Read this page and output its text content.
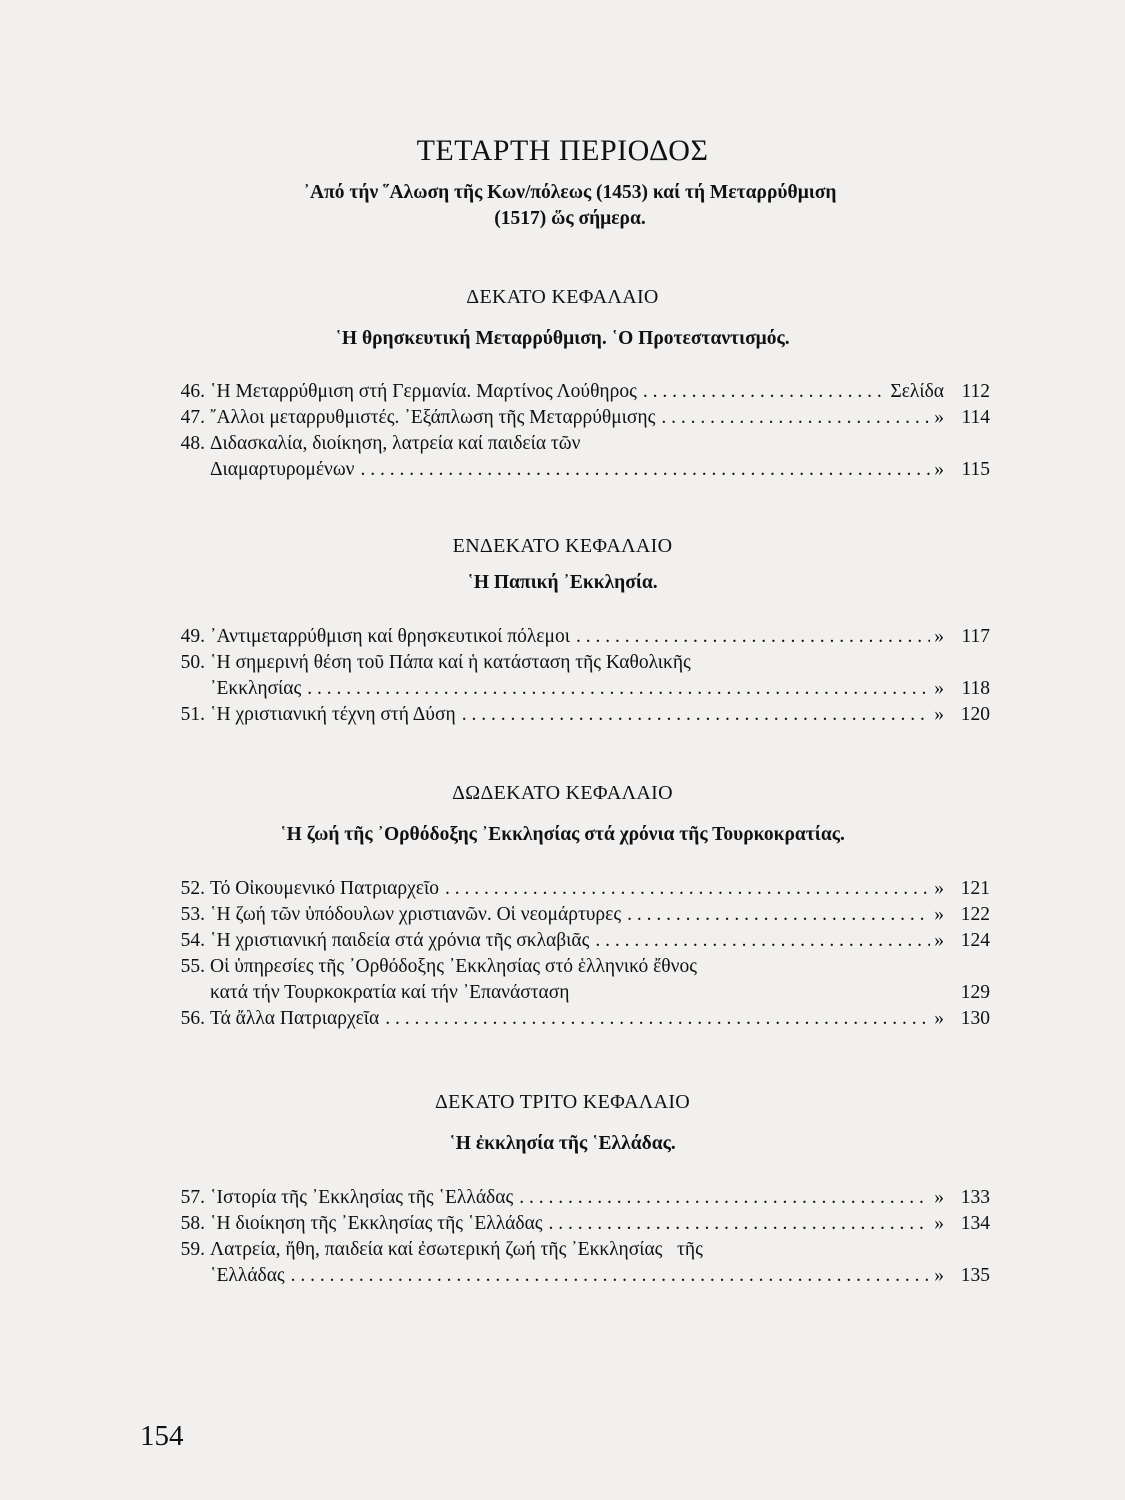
ΤΕΤΑΡΤΗ ΠΕΡΙΟΔΟΣ
᾿Από τήν ῞Αλωση τῆς Κων/πόλεως (1453) καί τή Μεταρρύθμιση
(1517) ὥς σήμερα.
ΔΕΚΑΤΟ ΚΕΦΑΛΑΙΟ
῾Η θρησκευτική Μεταρρύθμιση. ῾Ο Προτεσταντισμός.
46. ῾Η Μεταρρύθμιση στή Γερμανία. Μαρτίνος Λούθηρος . . .	Σελίδα 112
47. ῎Αλλοι μεταρρυθμιστές. ᾿Εξάπλωση τῆς Μεταρρύθμισης . . .	» 114
48. Διδασκαλία, διοίκηση, λατρεία καί παιδεία τῶν
Διαμαρτυρομένων . . .	» 115
ΕΝΔΕΚΑΤΟ ΚΕΦΑΛΑΙΟ
῾Η Παπική ᾿Εκκλησία.
49. ᾿Αντιμεταρρύθμιση καί θρησκευτικοί πόλεμοι . . .	» 117
50. ῾Η σημερινή θέση τοῦ Πάπα καί ἡ κατάσταση τῆς Καθολικῆς
᾿Εκκλησίας . . .	» 118
51. ῾Η χριστιανική τέχνη στή Δύση . . .	» 120
ΔΩΔΕΚΑΤΟ ΚΕΦΑΛΑΙΟ
῾Η ζωή τῆς ᾿Ορθόδοξης ᾿Εκκλησίας στά χρόνια τῆς Τουρκοκρατίας.
52. Τό Οἰκουμενικό Πατριαρχεῖο . . .	» 121
53. ῾Η ζωή τῶν ὑπόδουλων χριστιανῶν. Οἱ νεομάρτυρες . . .	» 122
54. ῾Η χριστιανική παιδεία στά χρόνια τῆς σκλαβιᾶς . . .	» 124
55. Οἱ ὑπηρεσίες τῆς ᾿Ορθόδοξης ᾿Εκκλησίας στό ἑλληνικό ἔθνος
κατά τήν Τουρκοκρατία καί τήν ᾿Επανάσταση	129
56. Τά ἄλλα Πατριαρχεῖα . . .	» 130
ΔΕΚΑΤΟ ΤΡΙΤΟ ΚΕΦΑΛΑΙΟ
῾Η ἐκκλησία τῆς ῾Ελλάδας.
57. ῾Ιστορία τῆς ᾿Εκκλησίας τῆς ῾Ελλάδας . . .	» 133
58. ῾Η διοίκηση τῆς ᾿Εκκλησίας τῆς ῾Ελλάδας . . .	» 134
59. Λατρεία, ἤθη, παιδεία καί ἐσωτερική ζωή τῆς ᾿Εκκλησίας   τῆς
῾Ελλάδας . . .	» 135
154
